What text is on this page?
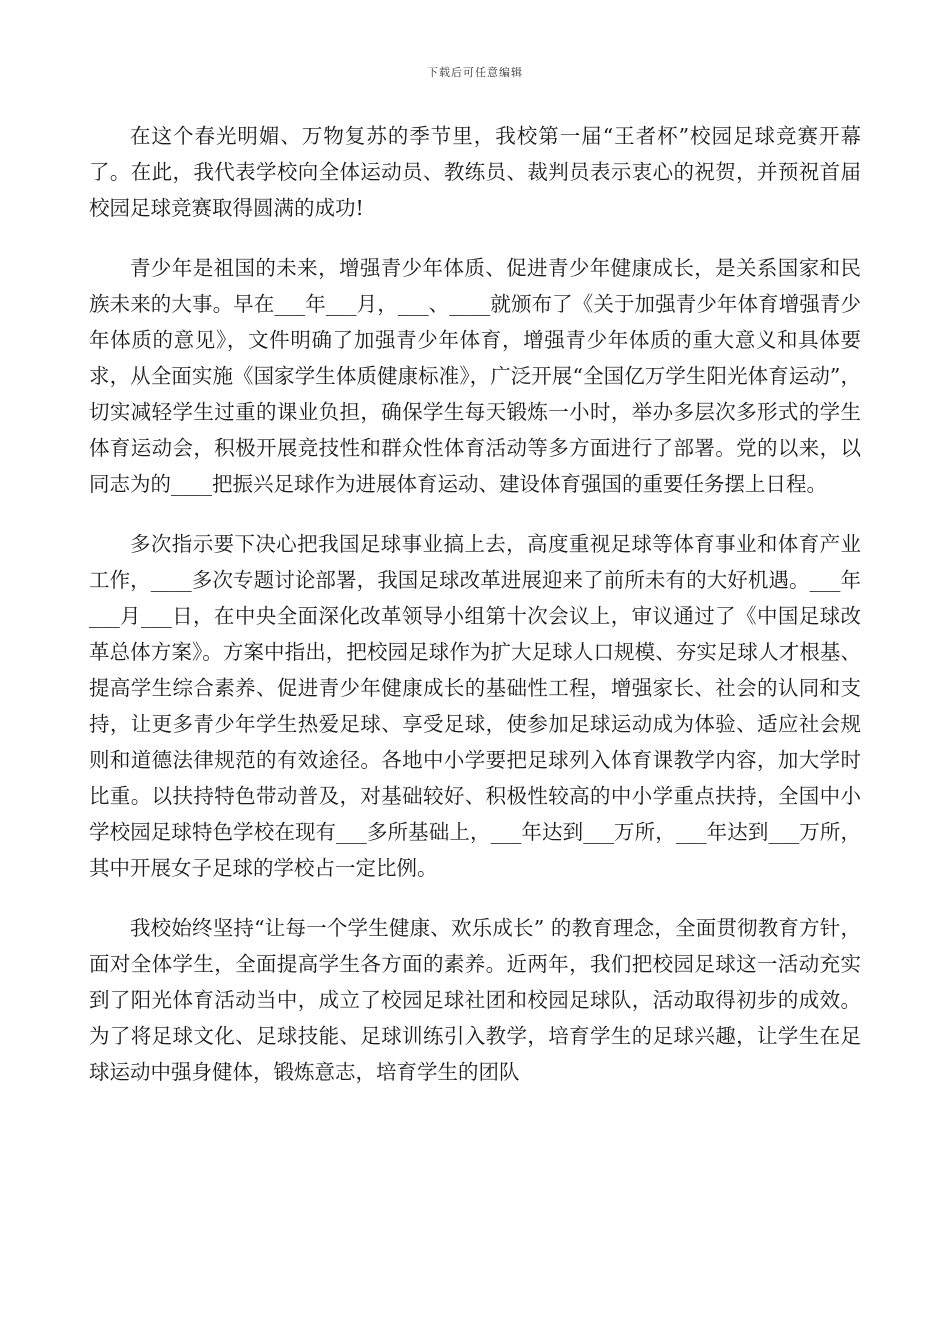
下载后可任意编辑

在这个春光明媚、万物复苏的季节里，我校第一届“王者杯”校园足球竞赛开幕了。在此，我代表学校向全体运动员、教练员、裁判员表示衷心的祝贺，并预祝首届校园足球竞赛取得圆满的成功!

青少年是祖国的未来，增强青少年体质、促进青少年健康成长，是关系国家和民族未来的大事。早在___年___月，___、____就颁布了《关于加强青少年体育增强青少年体质的意见》，文件明确了加强青少年体育，增强青少年体质的重大意义和具体要求，从全面实施《国家学生体质健康标准》，广泛开展“全国亿万学生阳光体育运动”，切实减轻学生过重的课业负担，确保学生每天锻炼一小时，举办多层次多形式的学生体育运动会，积极开展竞技性和群众性体育活动等多方面进行了部署。党的以来，以同志为的____把振兴足球作为进展体育运动、建设体育强国的重要任务摆上日程。

多次指示要下决心把我国足球事业搞上去，高度重视足球等体育事业和体育产业工作，____多次专题讨论部署，我国足球改革进展迎来了前所未有的大好机遇。___年___月___日，在中央全面深化改革领导小组第十次会议上，审议通过了《中国足球改革总体方案》。方案中指出，把校园足球作为扩大足球人口规模、夯实足球人才根基、提高学生综合素养、促进青少年健康成长的基础性工程，增强家长、社会的认同和支持，让更多青少年学生热爱足球、享受足球，使参加足球运动成为体验、适应社会规则和道德法律规范的有效途径。各地中小学要把足球列入体育课教学内容，加大学时比重。以扶持特色带动普及，对基础较好、积极性较高的中小学重点扶持，全国中小学校园足球特色学校在现有___多所基础上，___年达到___万所，___年达到___万所，其中开展女子足球的学校占一定比例。

我校始终坚持“让每一个学生健康、欢乐成长” 的教育理念，全面贯彻教育方针，面对全体学生，全面提高学生各方面的素养。近两年，我们把校园足球这一活动充实到了阳光体育活动当中，成立了校园足球社团和校园足球队，活动取得初步的成效。为了将足球文化、足球技能、足球训练引入教学，培育学生的足球兴趣，让学生在足球运动中强身健体，锻炼意志，培育学生的团队
